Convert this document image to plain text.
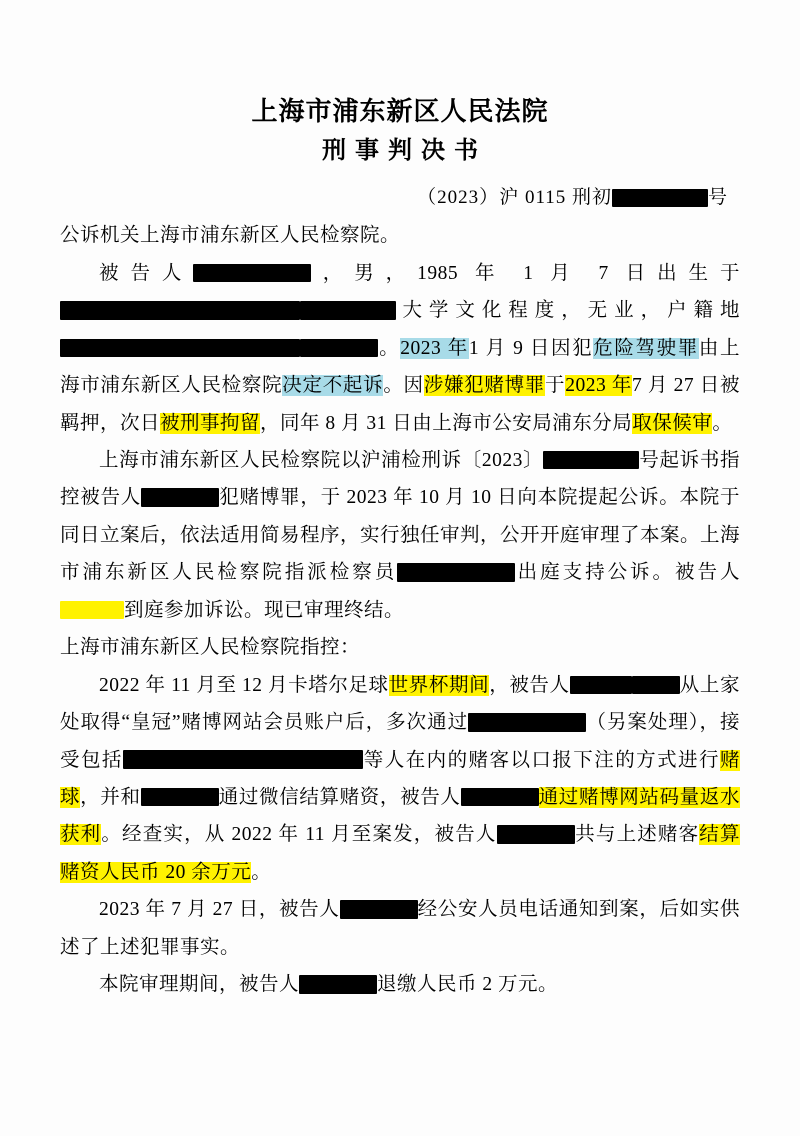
上海市浦东新区人民法院
刑事判决书
（2023）沪 0115 刑初	号

公诉机关上海市浦东新区人民检察院。

被告人	，男，1985 年 1 月 7 日出生于大学文化程度，无业，户籍地。2023 年1 月 9 日因犯危险驾驶罪由上海市浦东新区人民检察院决定不起诉。因涉嫌犯赌博罪于2023 年7 月 27 日被羁押，次日被刑事拘留，同年 8 月 31 日由上海市公安局浦东分局取保候审。

上海市浦东新区人民检察院以沪浦检刑诉〔2023〕	号起诉书指控被告人	犯赌博罪，于 2023 年 10 月 10 日向本院提起公诉。本院于同日立案后，依法适用简易程序，实行独任审判，公开开庭审理了本案。上海市浦东新区人民检察院指派检察员	出庭支持公诉。被告人到庭参加诉讼。现已审理终结。

上海市浦东新区人民检察院指控：

2022 年 11 月至 12 月卡塔尔足球世界杯期间，被告人	从上家处取得“皇冠”赌博网站会员账户后，多次通过	（另案处理），接受包括	等人在内的赌客以口报下注的方式进行赌球，并和	通过微信结算赌资，被告人	通过赌博网站码量返水获利。经查实，从 2022 年 11 月至案发，被告人	共与上述赌客结算赌资人民币 20 余万元。

2023 年 7 月 27 日，被告人	经公安人员电话通知到案，后如实供述了上述犯罪事实。

本院审理期间，被告人	退缴人民币 2 万元。
